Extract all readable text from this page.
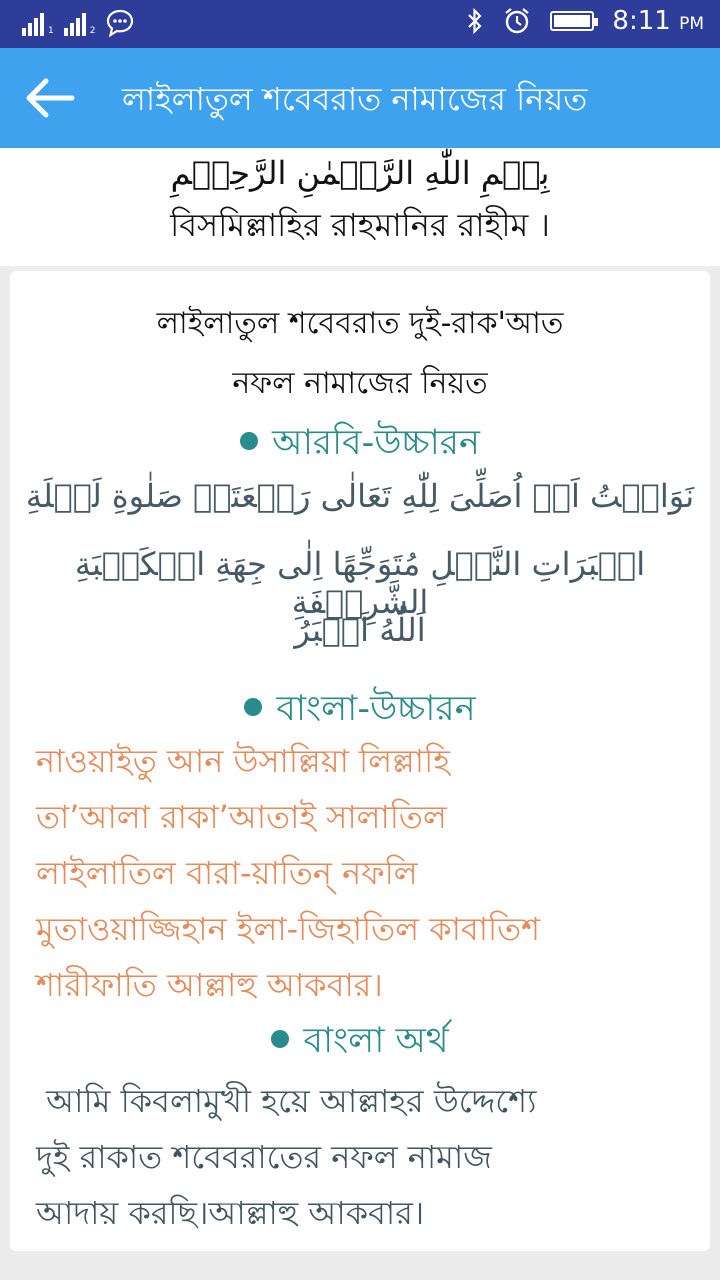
1	2	8:11 PM
লাইলাতুল শবেবরাত নামাজের নিয়ত
بِسۡمِ اللّٰهِ الرَّحۡمٰنِ الرَّحِيۡمِ
বিসমিল্লাহির রাহমানির রাহীম ।
লাইলাতুল শবেবরাত দুই-রাক'আত
নফল নামাজের নিয়ত
আরবি-উচ্চারন
نَوَايۡتُ اَنۡ اُصَلِّىَ لِلّٰهِ تَعَالٰى رَكۡعَتَىۡ صَلٰوةِ لَيۡلَةِ
الۡبَرَاتِ النَّفۡلِ مُتَوَجِّهًا اِلٰى جِهَةِ الۡكَعۡبَةِ الشَّرِيۡفَةِ
اَللّٰهُ اَكۡبَرُ
বাংলা-উচ্চারন
নাওয়াইতু আন উসাল্লিয়া লিল্লাহি
তা’আলা রাকা’আতাই সালাতিল
লাইলাতিল বারা-য়াতিন্ নফলি
মুতাওয়াজ্জিহান ইলা-জিহাতিল কাবাতিশ
শারীফাতি আল্লাহু আকবার।
বাংলা অর্থ
আমি কিবলামুখী হয়ে আল্লাহর উদ্দেশ্যে
দুই রাকাত শবেবরাতের নফল নামাজ
আদায় করছি।আল্লাহু আকবার।
